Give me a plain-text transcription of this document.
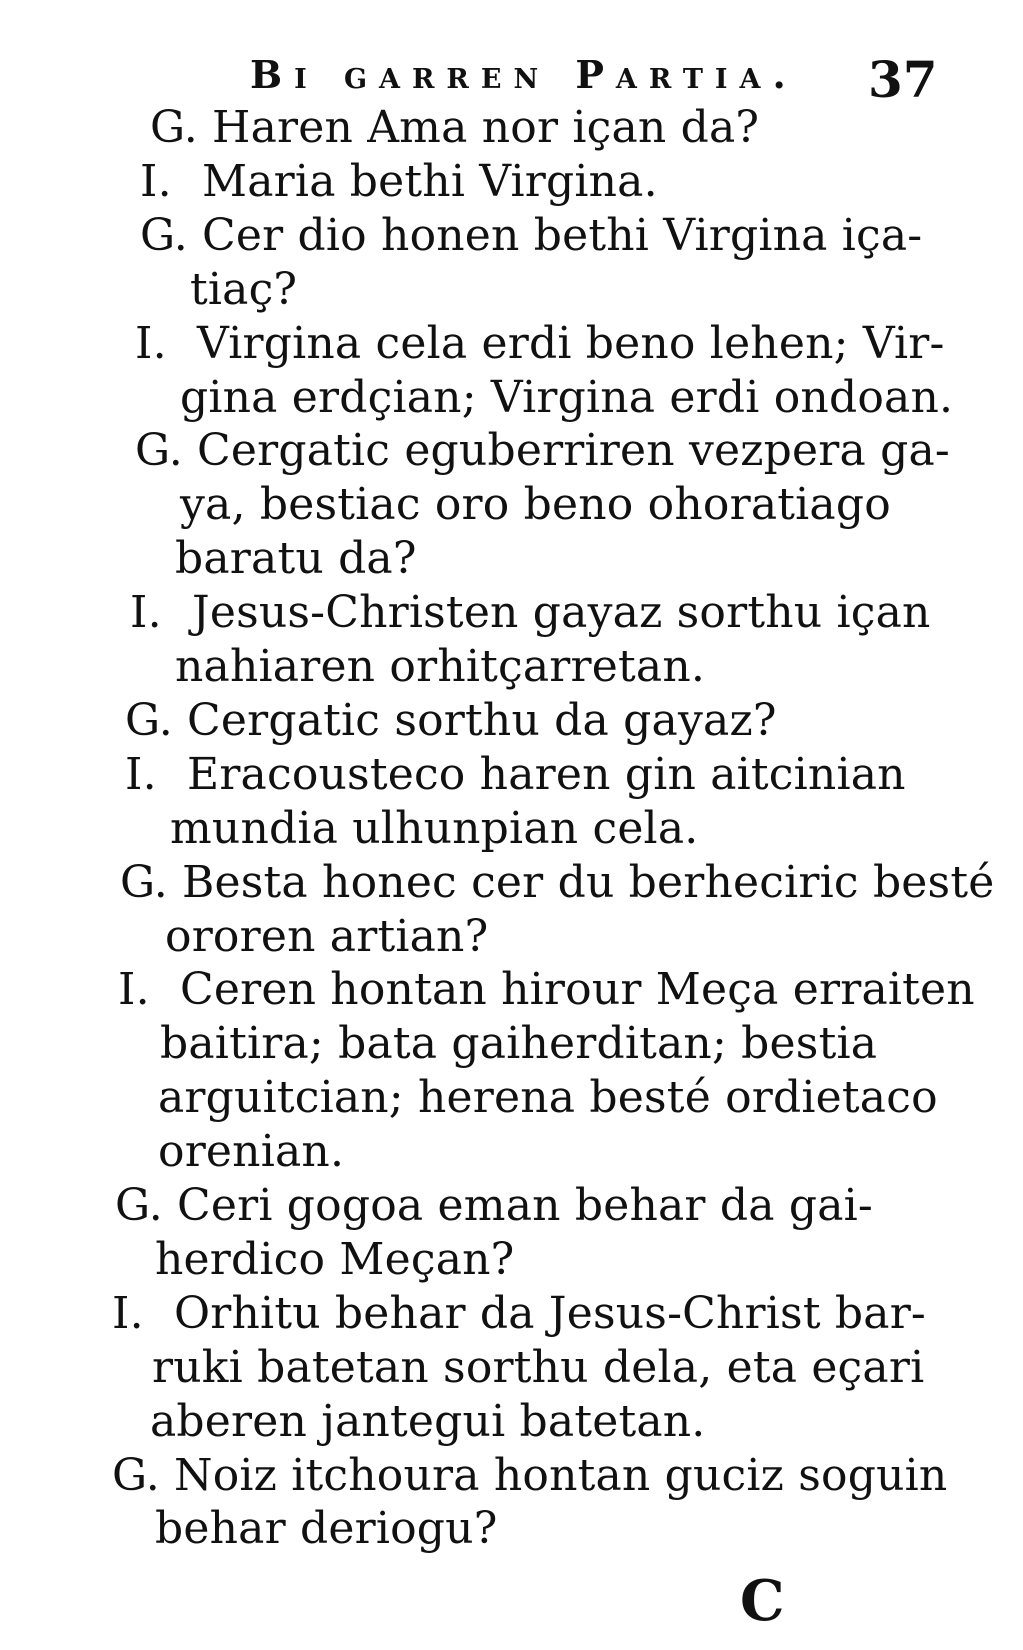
Bi garren Partia. 37
G. Haren Ama nor içan da?
I. Maria bethi Virgina.
G. Cer dio honen bethi Virgina iça-
tiaç?
I. Virgina cela erdi beno lehen; Vir-
gina erdçian; Virgina erdi ondoan.
G. Cergatic eguberriren vezpera ga-
ya, bestiac oro beno ohoratiago
baratu da?
I. Jesus-Christen gayaz sorthu içan
nahiaren orhitçarretan.
G. Cergatic sorthu da gayaz?
I. Eracousteco haren gin aitcinian
mundia ulhunpian cela.
G. Besta honec cer du berheciric besté
ororen artian?
I. Ceren hontan hirour Meça erraiten
baitira; bata gaiherditan; bestia
arguitcian; herena besté ordietaco
orenian.
G. Ceri gogoa eman behar da gai-
herdico Meçan?
I. Orhitu behar da Jesus-Christ bar-
ruki batetan sorthu dela, eta eçari
aberen jantegui batetan.
G. Noiz itchoura hontan guciz soguin
behar deriogu?
C
